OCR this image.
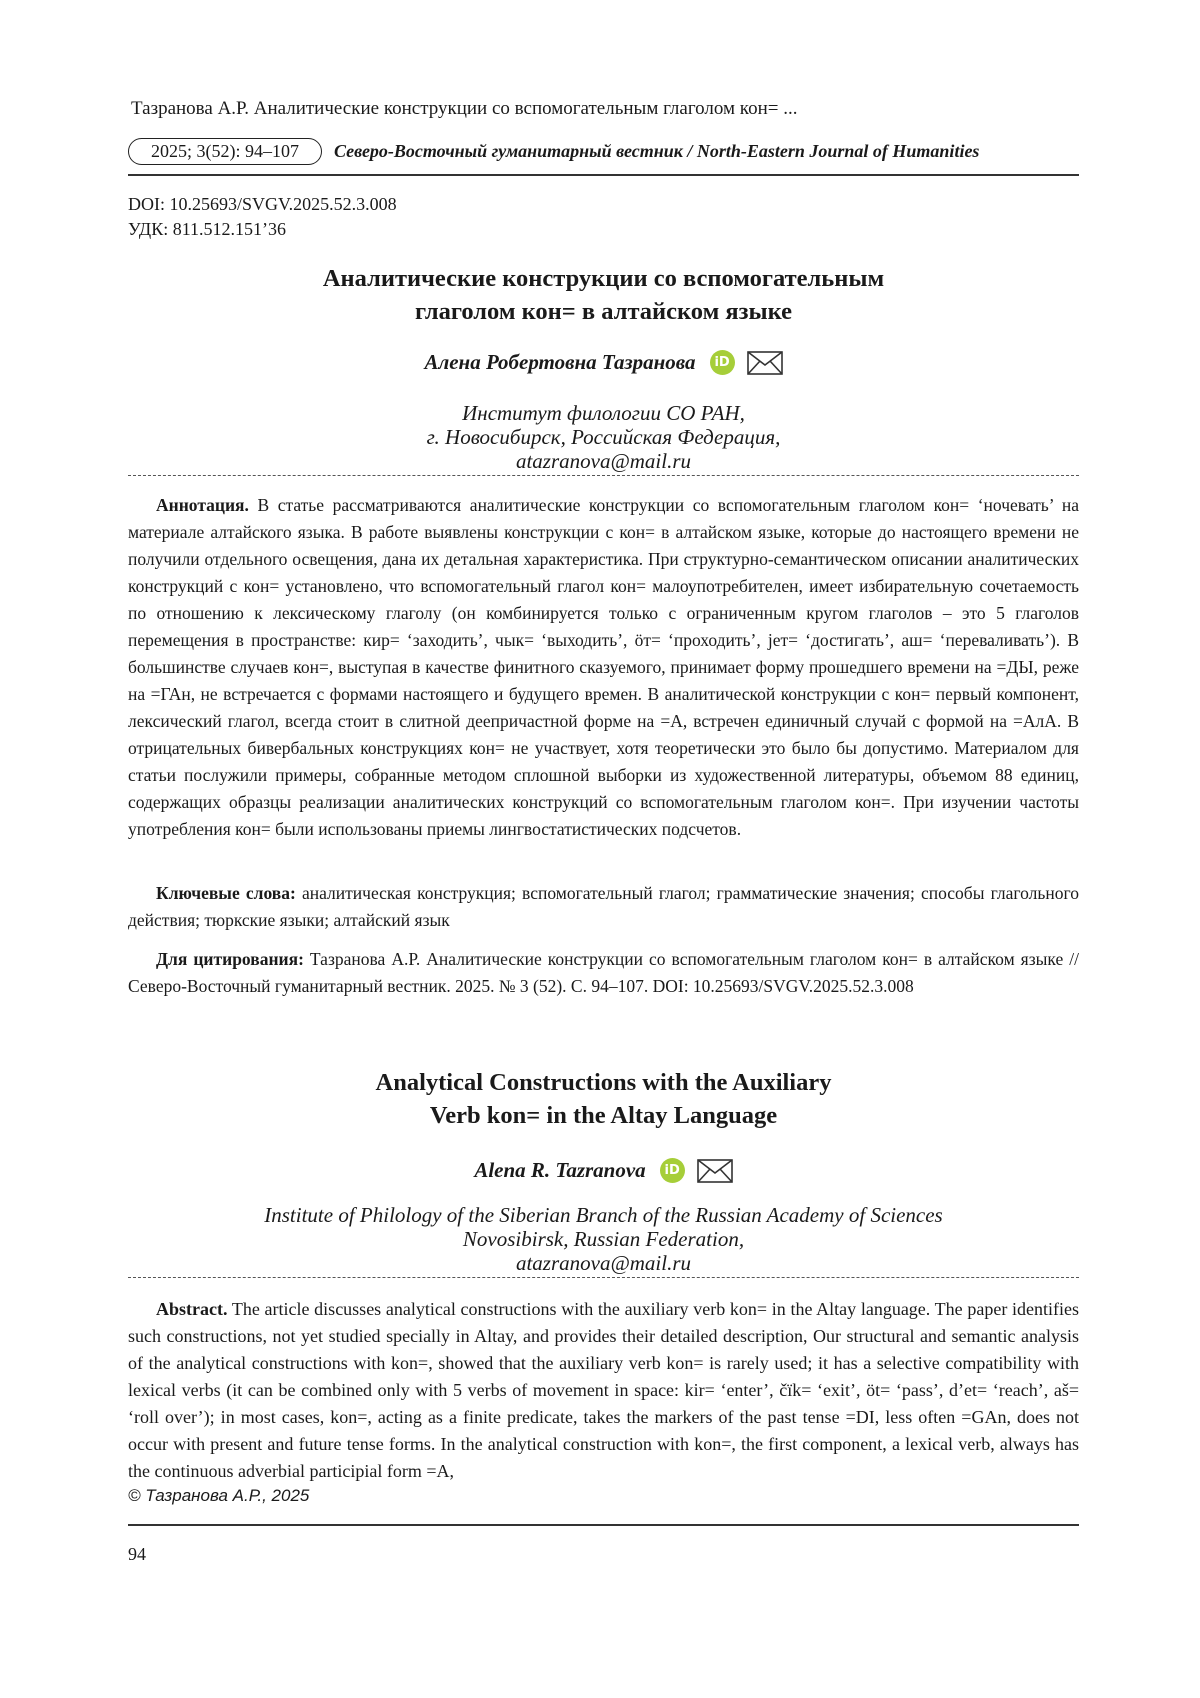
Тазранова А.Р. Аналитические конструкции со вспомогательным глаголом кон= ...
2025; 3(52): 94–107	Северо-Восточный гуманитарный вестник / North-Eastern Journal of Humanities
DOI: 10.25693/SVGV.2025.52.3.008
УДК: 811.512.151’36
Аналитические конструкции со вспомогательным
глаголом кон= в алтайском языке
Алена Робертовна Тазранова	iD
Институт филологии СО РАН,
г. Новосибирск, Российская Федерация,
atazranova@mail.ru
Аннотация. В статье рассматриваются аналитические конструкции со вспомогательным глаголом кон= ‘ночевать’ на материале алтайского языка. В работе выявлены конструкции с кон= в алтайском языке, которые до настоящего времени не получили отдельного освещения, дана их детальная характеристика. При структурно-семантическом описании аналитических конструкций с кон= установлено, что вспомогательный глагол кон= малоупотребителен, имеет избирательную сочетаемость по отношению к лексическому глаголу (он комбинируется только с ограниченным кругом глаголов – это 5 глаголов перемещения в пространстве: кир= ‘заходить’, чык= ‘выходить’, öт= ‘проходить’, jет= ‘достигать’, аш= ‘переваливать’). В большинстве случаев кон=, выступая в качестве финитного сказуемого, принимает форму прошедшего времени на =ДЫ, реже на =ГАн, не встречается с формами настоящего и будущего времен. В аналитической конструкции с кон= первый компонент, лексический глагол, всегда стоит в слитной деепричастной форме на =А, встречен единичный случай с формой на =АлА. В отрицательных бивербальных конструкциях кон= не участвует, хотя теоретически это было бы допустимо. Материалом для статьи послужили примеры, собранные методом сплошной выборки из художественной литературы, объемом 88 единиц, содержащих образцы реализации аналитических конструкций со вспомогательным глаголом кон=. При изучении частоты употребления кон= были использованы приемы лингвостатистических подсчетов.
Ключевые слова: аналитическая конструкция; вспомогательный глагол; грамматические значения; способы глагольного действия; тюркские языки; алтайский язык
Для цитирования: Тазранова А.Р. Аналитические конструкции со вспомогательным глаголом кон= в алтайском языке // Северо-Восточный гуманитарный вестник. 2025. № 3 (52). С. 94–107. DOI: 10.25693/SVGV.2025.52.3.008
Analytical Constructions with the Auxiliary
Verb kon= in the Altay Language
Alena R. Tazranova	iD
Institute of Philology of the Siberian Branch of the Russian Academy of Sciences
Novosibirsk, Russian Federation,
atazranova@mail.ru
Abstract. The article discusses analytical constructions with the auxiliary verb kon= in the Altay language. The paper identifies such constructions, not yet studied specially in Altay, and provides their detailed description, Our structural and semantic analysis of the analytical constructions with kon=, showed that the auxiliary verb kon= is rarely used; it has a selective compatibility with lexical verbs (it can be combined only with 5 verbs of movement in space: kir= ‘enter’, čïk= ‘exit’, öt= ‘pass’, d’et= ‘reach’, aš= ‘roll over’); in most cases, kon=, acting as a finite predicate, takes the markers of the past tense =DI, less often =GAn, does not occur with present and future tense forms. In the analytical construction with kon=, the first component, a lexical verb, always has the continuous adverbial participial form =A,
© Тазранова А.Р., 2025
94
